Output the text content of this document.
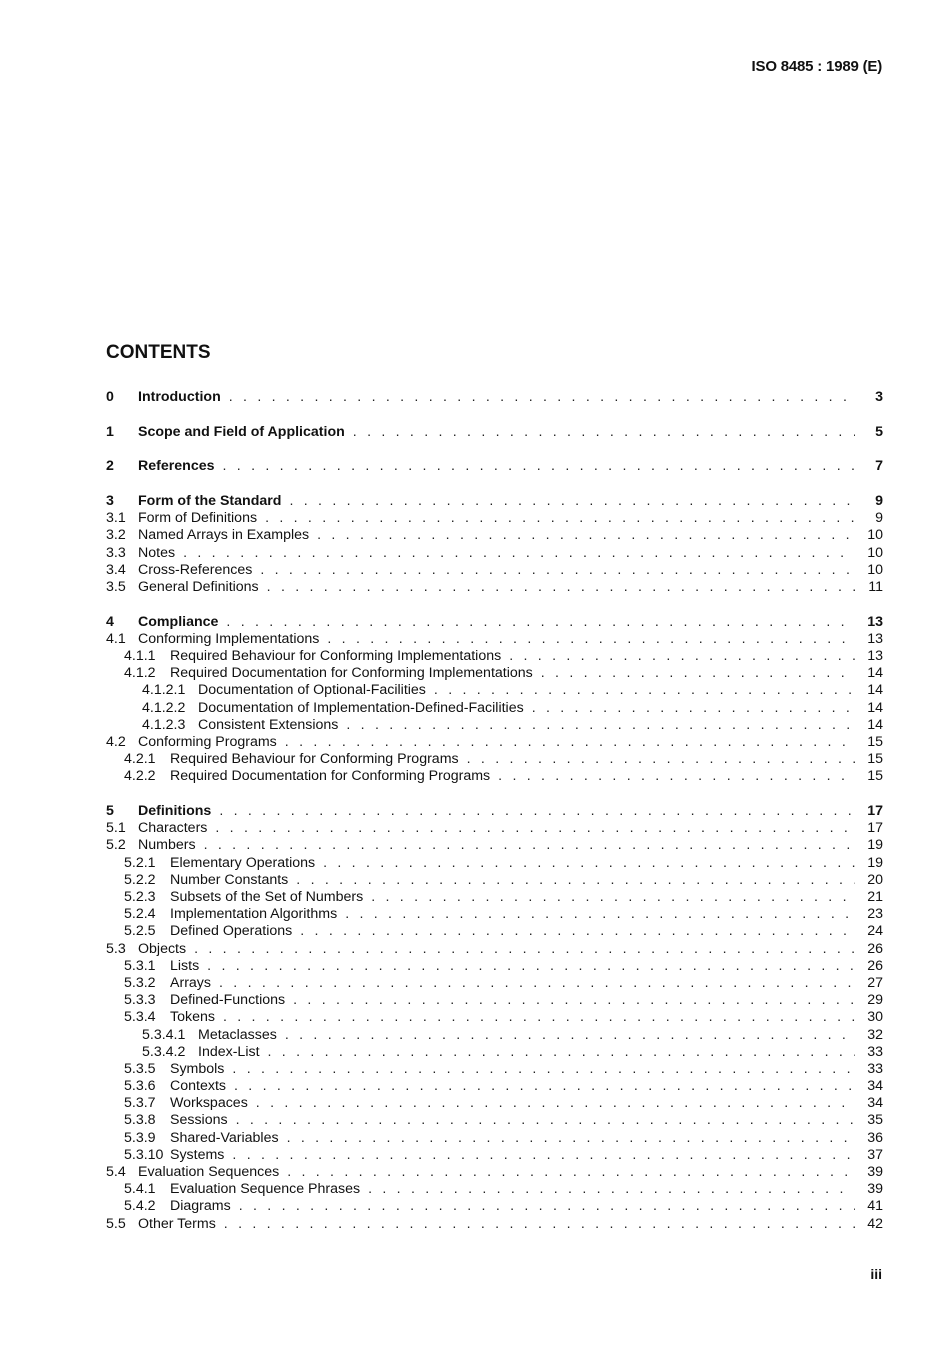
ISO 8485 : 1989 (E)
CONTENTS
0	Introduction . . .	3
1	Scope and Field of Application . . .	5
2	References . . .	7
3	Form of the Standard . . .	9
3.1 Form of Definitions . . .	9
3.2 Named Arrays in Examples . . .	10
3.3 Notes . . .	10
3.4 Cross-References . . .	10
3.5 General Definitions . . .	11
4	Compliance . . .	13
4.1 Conforming Implementations . . .	13
4.1.1	Required Behaviour for Conforming Implementations . . .	13
4.1.2	Required Documentation for Conforming Implementations . . .	14
4.1.2.1 Documentation of Optional-Facilities . . .	14
4.1.2.2 Documentation of Implementation-Defined-Facilities . . .	14
4.1.2.3 Consistent Extensions . . .	14
4.2 Conforming Programs . . .	15
4.2.1	Required Behaviour for Conforming Programs . . .	15
4.2.2	Required Documentation for Conforming Programs . . .	15
5	Definitions . . .	17
5.1 Characters . . .	17
5.2 Numbers . . .	19
5.2.1	Elementary Operations . . .	19
5.2.2	Number Constants . . .	20
5.2.3	Subsets of the Set of Numbers . . .	21
5.2.4	Implementation Algorithms . . .	23
5.2.5	Defined Operations . . .	24
5.3 Objects . . .	26
5.3.1	Lists . . .	26
5.3.2	Arrays . . .	27
5.3.3	Defined-Functions . . .	29
5.3.4	Tokens . . .	30
5.3.4.1 Metaclasses . . .	32
5.3.4.2 Index-List . . .	33
5.3.5	Symbols . . .	33
5.3.6	Contexts . . .	34
5.3.7	Workspaces . . .	34
5.3.8	Sessions . . .	35
5.3.9	Shared-Variables . . .	36
5.3.10 Systems . . .	37
5.4 Evaluation Sequences . . .	39
5.4.1	Evaluation Sequence Phrases . . .	39
5.4.2	Diagrams . . .	41
5.5 Other Terms . . .	42
iii
